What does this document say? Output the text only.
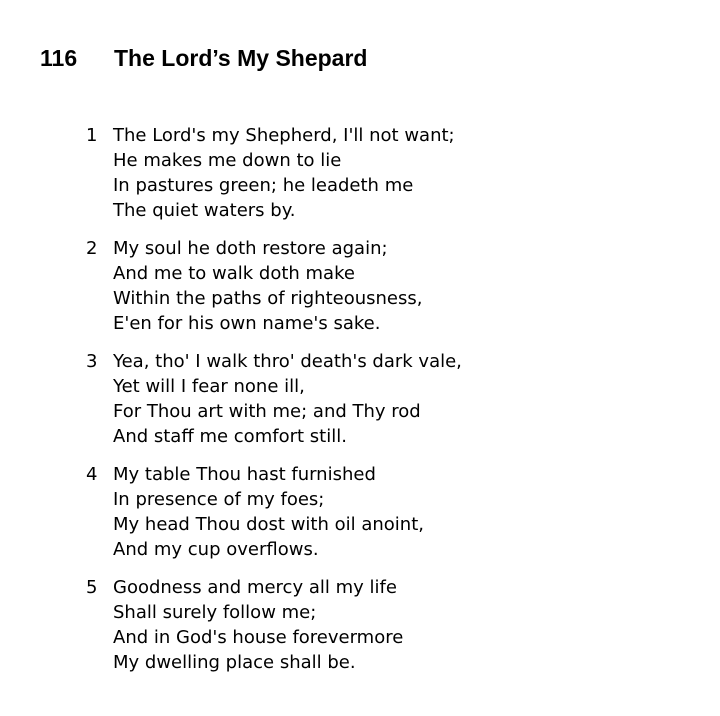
116 The Lord’s My Shepard
1 The Lord's my Shepherd, I'll not want;
He makes me down to lie
In pastures green; he leadeth me
The quiet waters by.
2 My soul he doth restore again;
And me to walk doth make
Within the paths of righteousness,
E'en for his own name's sake.
3 Yea, tho' I walk thro' death's dark vale,
Yet will I fear none ill,
For Thou art with me; and Thy rod
And staff me comfort still.
4 My table Thou hast furnished
In presence of my foes;
My head Thou dost with oil anoint,
And my cup overflows.
5 Goodness and mercy all my life
Shall surely follow me;
And in God's house forevermore
My dwelling place shall be.
